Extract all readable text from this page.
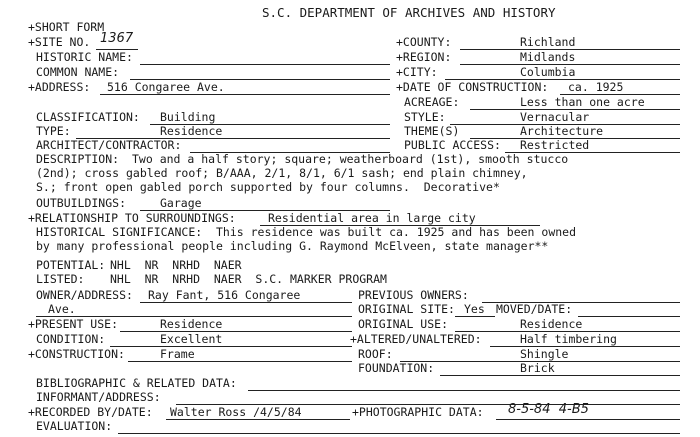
S.C. DEPARTMENT OF ARCHIVES AND HISTORY
+SHORT FORM
+SITE NO. 1367	+COUNTY:	Richland
HISTORIC NAME:	+REGION:	Midlands
COMMON NAME:	+CITY:	Columbia
+ADDRESS: 516 Congaree Ave.	+DATE OF CONSTRUCTION: ca. 1925
ACREAGE:	Less than one acre
CLASSIFICATION: Building	STYLE:	Vernacular
TYPE:	Residence	THEME(S)	Architecture
ARCHITECT/CONTRACTOR:	PUBLIC ACCESS: Restricted
DESCRIPTION: Two and a half story; square; weatherboard (1st), smooth stucco
(2nd); cross gabled roof; B/AAA, 2/1, 8/1, 6/1 sash; end plain chimney,
S.; front open gabled porch supported by four columns.  Decorative*
OUTBUILDINGS:	Garage
+RELATIONSHIP TO SURROUNDINGS:	Residential area in large city
HISTORICAL SIGNIFICANCE: This residence was built ca. 1925 and has been owned
by many professional people including G. Raymond McElveen, state manager**
POTENTIAL: NHL  NR  NRHD  NAER
LISTED: NHL  NR  NRHD  NAER  S.C. MARKER PROGRAM
OWNER/ADDRESS: Ray Fant, 516 Congaree
Ave.
PREVIOUS OWNERS:
ORIGINAL SITE: Yes MOVED/DATE:
+PRESENT USE:	Residence	ORIGINAL USE:	Residence
CONDITION:	Excellent	+ALTERED/UNALTERED:	Half timbering
+CONSTRUCTION:	Frame	ROOF:	Shingle
FOUNDATION:	Brick
BIBLIOGRAPHIC & RELATED DATA:
INFORMANT/ADDRESS:
+RECORDED BY/DATE: Walter Ross /4/5/84	+PHOTOGRAPHIC DATA: 8-5-84  4-B5
EVALUATION:
